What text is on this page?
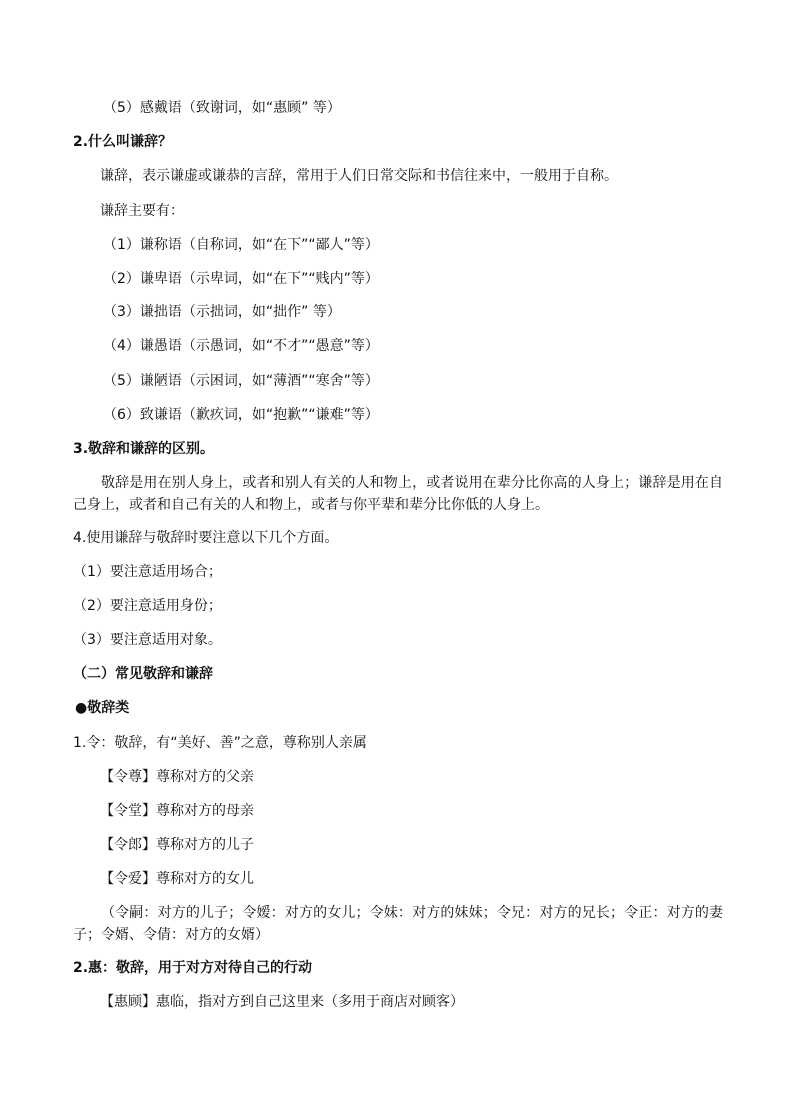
（5）感戴语（致谢词，如“惠顾” 等）
2.什么叫谦辞？
谦辞，表示谦虚或谦恭的言辞，常用于人们日常交际和书信往来中，一般用于自称。
谦辞主要有：
（1）谦称语（自称词，如“在下”“鄙人”等）
（2）谦卑语（示卑词，如“在下”“贱内”等）
（3）谦拙语（示拙词，如“拙作” 等）
（4）谦愚语（示愚词，如“不才”“愚意”等）
（5）谦陋语（示困词，如“薄酒”“寒舍”等）
（6）致谦语（歉疚词，如“抱歉”“谦难”等）
3.敬辞和谦辞的区别。
敬辞是用在别人身上，或者和别人有关的人和物上，或者说用在辈分比你高的人身上；谦辞是用在自己身上，或者和自己有关的人和物上，或者与你平辈和辈分比你低的人身上。
4.使用谦辞与敬辞时要注意以下几个方面。
（1）要注意适用场合；
（2）要注意适用身份；
（3）要注意适用对象。
（二）常见敬辞和谦辞
●敬辞类
1.令：敬辞，有“美好、善”之意，尊称别人亲属
【令尊】尊称对方的父亲
【令堂】尊称对方的母亲
【令郎】尊称对方的儿子
【令爱】尊称对方的女儿
（令嗣：对方的儿子；令嫒：对方的女儿；令妹：对方的妹妹；令兄：对方的兄长；令正：对方的妻子；令婿、令倩：对方的女婿）
2.惠：敬辞，用于对方对待自己的行动
【惠顾】惠临，指对方到自己这里来（多用于商店对顾客）
